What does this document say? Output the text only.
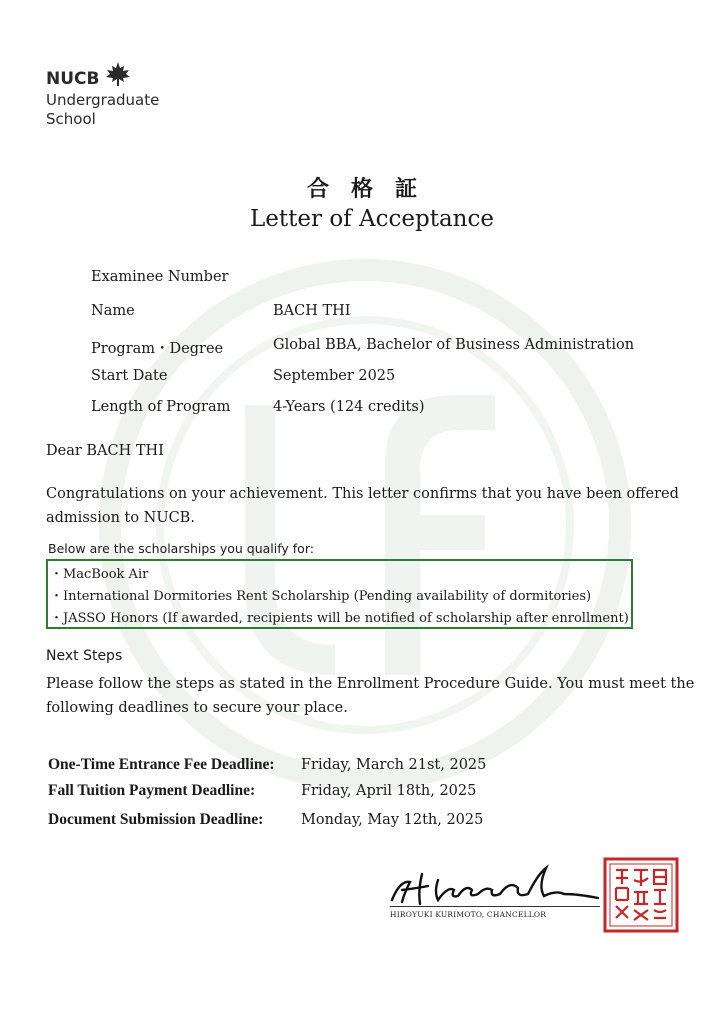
NUCB
Undergraduate
School
合　格　証
Letter of Acceptance
Examinee Number
Name	BACH THI
Program・Degree	Global BBA, Bachelor of Business Administration
Start Date	September 2025
Length of Program	4-Years (124 credits)
Dear BACH THI
Congratulations on your achievement. This letter confirms that you have been offered
admission to NUCB.
Below are the scholarships you qualify for:
・MacBook Air
・International Dormitories Rent Scholarship (Pending availability of dormitories)
・JASSO Honors (If awarded, recipients will be notified of scholarship after enrollment)
Next Steps
Please follow the steps as stated in the Enrollment Procedure Guide. You must meet the
following deadlines to secure your place.
One-Time Entrance Fee Deadline: Friday, March 21st, 2025
Fall Tuition Payment Deadline:	Friday, April 18th, 2025
Document Submission Deadline:	Monday, May 12th, 2025
HIROYUKI KURIMOTO, CHANCELLOR
